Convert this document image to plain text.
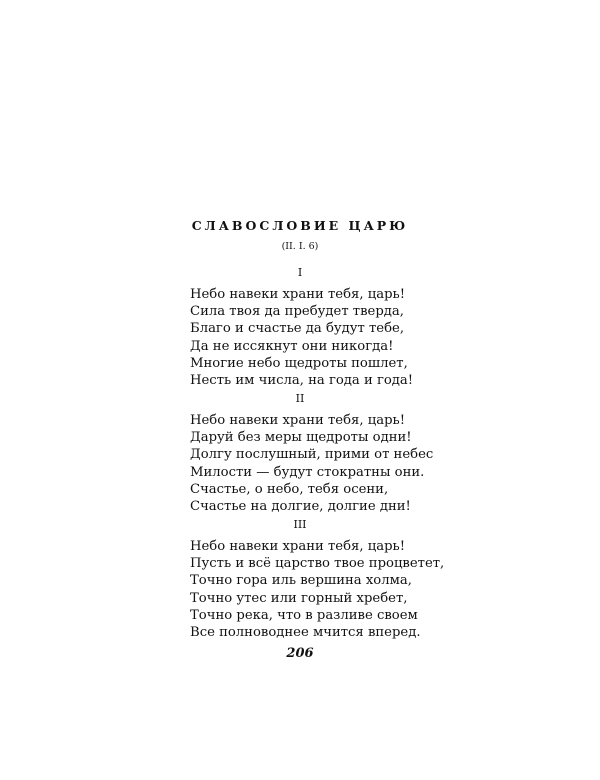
СЛАВОСЛОВИЕ ЦАРЮ
(II. I. 6)
I
Небо навеки храни тебя, царь!
Сила твоя да пребудет тверда,
Благо и счастье да будут тебе,
Да не иссякнут они никогда!
Многие небо щедроты пошлет,
Несть им числа, на года и года!
II
Небо навеки храни тебя, царь!
Даруй без меры щедроты одни!
Долгу послушный, прими от небес
Милости — будут стократны они.
Счастье, о небо, тебя осени,
Счастье на долгие, долгие дни!
III
Небо навеки храни тебя, царь!
Пусть и всё царство твое процветет,
Точно гора иль вершина холма,
Точно утес или горный хребет,
Точно река, что в разливе своем
Все полноводнее мчится вперед.
206
